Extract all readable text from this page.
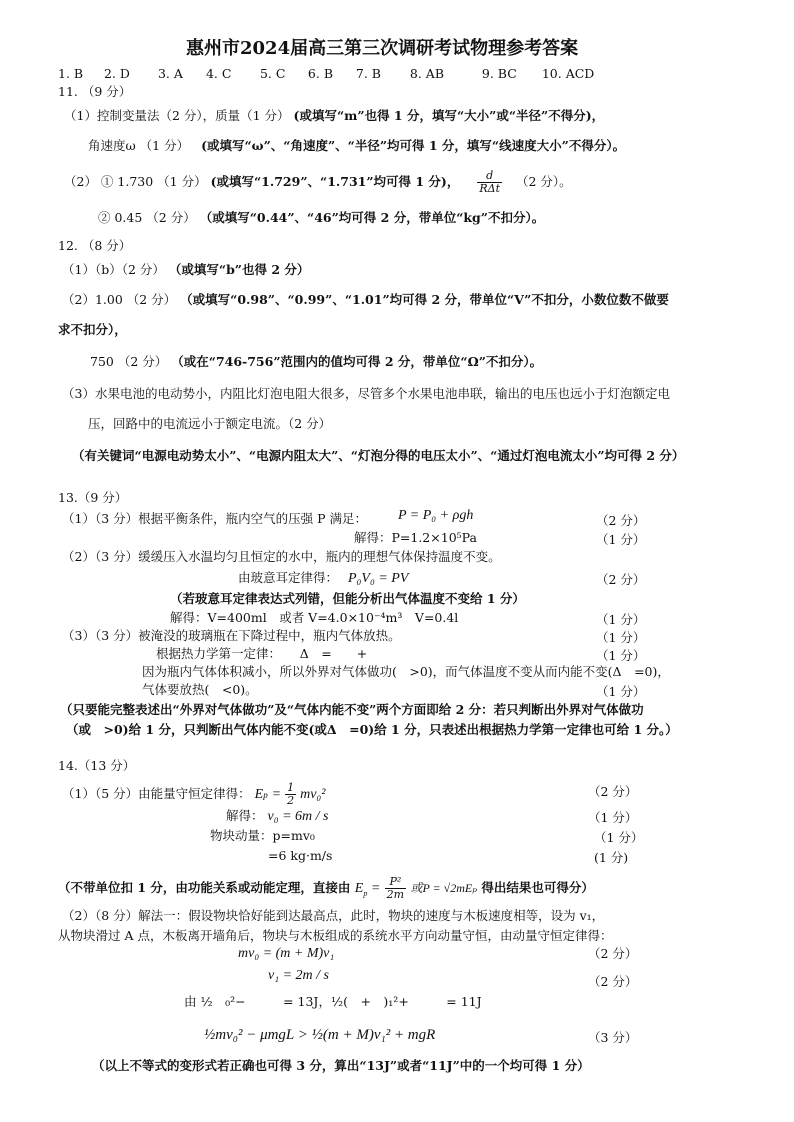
惠州市2024届高三第三次调研考试物理参考答案
1. B 2. D 3. A 4. C 5. C 6. B 7. B 8. AB	9. BC 10. ACD
11. （9 分）
（1）控制变量法（2 分），质量（1 分） (或填写“m”也得 1 分，填写“大小”或“半径”不得分)，
角速度ω （1 分） (或填写“ω”、“角速度”、“半径”均可得 1 分，填写“线速度大小”不得分）。
（2） ① 1.730 （1 分） (或填写“1.729”、“1.731”均可得 1 分)， $\frac{d}{\text{RΔt}} (2$ 分）。
② 0.45 （2 分） （或填写“0.44”、“46”均可得 2 分，带单位“kg”不扣分）。
12. （8 分）
（1）（b）（2 分） （或填写“b”也得 2 分）
（2）1.00 （2 分） （或填写“0.98”、“0.99”、“1.01”均可得 2 分，带单位“V”不扣分，小数位数不做要
求不扣分），
750 （2 分） （或在“746-756”范围内的值均可得 2 分，带单位“Ω”不扣分）。
（3）水果电池的电动势小，内阻比灯泡电阻大很多，尽管多个水果电池串联，输出的电压也远小于灯泡额定电
压，回路中的电流远小于额定电流。（2 分）
（有关键词“电源电动势太小”、“电源内阻太大”、“灯泡分得的电压太小”、“通过灯泡电流太小”均可得 2 分）
13.（9 分）
（1）（3 分）根据平衡条件，瓶内空气的压强 P 满足： P = P₀ + ρgh	（2 分）
解得：P=1.2×10⁵Pa	（1 分）
（2）（3 分）缓缓压入水温均匀且恒定的水中，瓶内的理想气体保持温度不变。
由玻意耳定律得： P₀V₀ = PV	（2 分）
（若玻意耳定律表达式列错，但能分析出气体温度不变给 1 分）
解得：V=400ml　或者 V=4.0×10⁻⁴m³　V=0.4l	（1 分）
（3）（3 分）被淹没的玻璃瓶在下降过程中，瓶内气体放热。	（1 分）
根据热力学第一定律：　　Δ　=　　+	（1 分）
因为瓶内气体体积减小，所以外界对气体做功(　>0)，而气体温度不变从而内能不变(Δ　=0)，
气体要放热(　<0)。	（1 分）
（只要能完整表述出“外界对气体做功”及“气体内能不变”两个方面即给 2 分：若只判断出外界对气体做功
（或　>0)给 1 分，只判断出气体内能不变(或Δ　=0)给 1 分，只表述出根据热力学第一定律也可给 1 分。）
14.（13 分）
（1）（5 分）由能量守恒定律得： $Ep = \frac{1}{2} mv_0^2$	（2 分）
解得： v₀ = 6m / s	（1 分）
物块动量：p=mv₀	（1 分）
=6 kg·m/s	(1 分)
（不带单位扣 1 分，由功能关系或动能定理，直接由 $E_p = \frac{\text{P²}}{2m}$ 或P = √2mEₚ 得出结果也可得分）
（2）（8 分）解法一：假设物块恰好能到达最高点，此时，物块的速度与木板速度相等，设为 v₁，
从物块滑过 A 点，木板离开墙角后，物块与木板组成的系统水平方向动量守恒，由动量守恒定律得：
mv₀ = (m + M)v₁	（2 分）
v₁ = 2m / s	（2 分）
由 ½　₀²−　　　= 13J，½(　+　)₁²+　　　= 11J
½mv₀² − μmgL > ½(m + M)v₁² + mgR	（3 分）
（以上不等式的变形式若正确也可得 3 分，算出“13J”或者“11J”中的一个均可得 1 分）
